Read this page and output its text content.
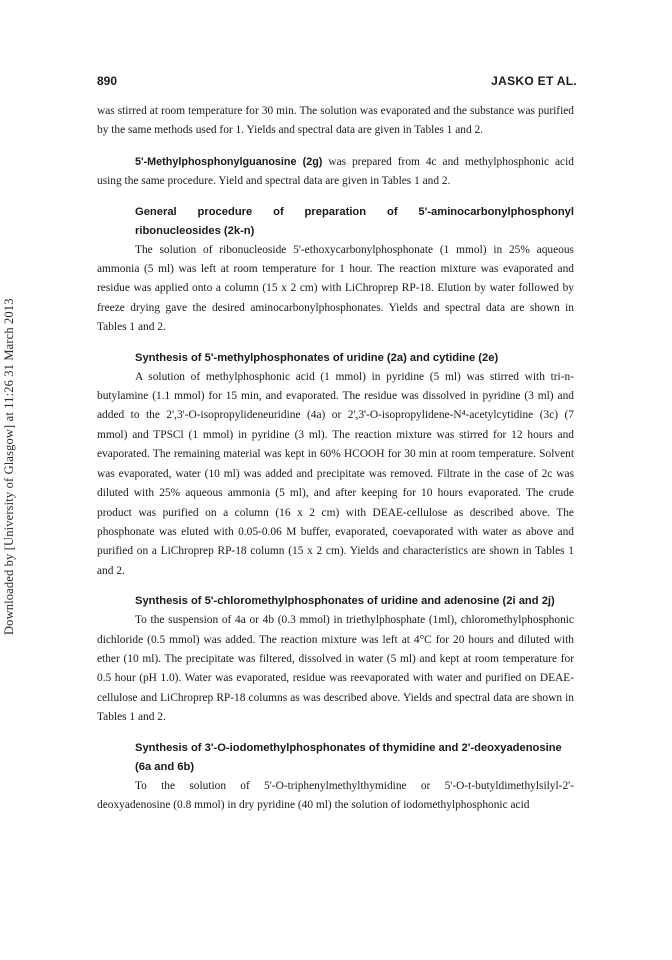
Downloaded by [University of Glasgow] at 11:26 31 March 2013
890	JASKO ET AL.

was stirred at room temperature for 30 min. The solution was evaporated and the substance was purified by the same methods used for 1. Yields and spectral data are given in Tables 1 and 2.

5'-Methylphosphonylguanosine (2g) was prepared from 4c and methylphosphonic acid using the same procedure. Yield and spectral data are given in Tables 1 and 2.

General procedure of preparation of 5'-aminocarbonylphosphonyl ribonucleosides (2k-n)

The solution of ribonucleoside 5'-ethoxycarbonylphosphonate (1 mmol) in 25% aqueous ammonia (5 ml) was left at room temperature for 1 hour. The reaction mixture was evaporated and residue was applied onto a column (15 x 2 cm) with LiChroprep RP-18. Elution by water followed by freeze drying gave the desired aminocarbonylphosphonates. Yields and spectral data are shown in Tables 1 and 2.

Synthesis of 5'-methylphosphonates of uridine (2a) and cytidine (2e)

A solution of methylphosphonic acid (1 mmol) in pyridine (5 ml) was stirred with tri-n-butylamine (1.1 mmol) for 15 min, and evaporated. The residue was dissolved in pyridine (3 ml) and added to the 2',3'-O-isopropylideneuridine (4a) or 2',3'-O-isopropylidene-N⁴-acetylcytidine (3c) (7 mmol) and TPSCl (1 mmol) in pyridine (3 ml). The reaction mixture was stirred for 12 hours and evaporated. The remaining material was kept in 60% HCOOH for 30 min at room temperature. Solvent was evaporated, water (10 ml) was added and precipitate was removed. Filtrate in the case of 2c was diluted with 25% aqueous ammonia (5 ml), and after keeping for 10 hours evaporated. The crude product was purified on a column (16 x 2 cm) with DEAE-cellulose as described above. The phosphonate was eluted with 0.05-0.06 M buffer, evaporated, coevaporated with water as above and purified on a LiChroprep RP-18 column (15 x 2 cm). Yields and characteristics are shown in Tables 1 and 2.

Synthesis of 5'-chloromethylphosphonates of uridine and adenosine (2i and 2j)

To the suspension of 4a or 4b (0.3 mmol) in triethylphosphate (1ml), chloromethylphosphonic dichloride (0.5 mmol) was added. The reaction mixture was left at 4°C for 20 hours and diluted with ether (10 ml). The precipitate was filtered, dissolved in water (5 ml) and kept at room temperature for 0.5 hour (pH 1.0). Water was evaporated, residue was reevaporated with water and purified on DEAE-cellulose and LiChroprep RP-18 columns as was described above. Yields and spectral data are shown in Tables 1 and 2.

Synthesis of 3'-O-iodomethylphosphonates of thymidine and 2'-deoxyadenosine (6a and 6b)

To the solution of 5'-O-triphenylmethylthymidine or 5'-O-t-butyldimethylsilyl-2'-deoxyadenosine (0.8 mmol) in dry pyridine (40 ml) the solution of iodomethylphosphonic acid
